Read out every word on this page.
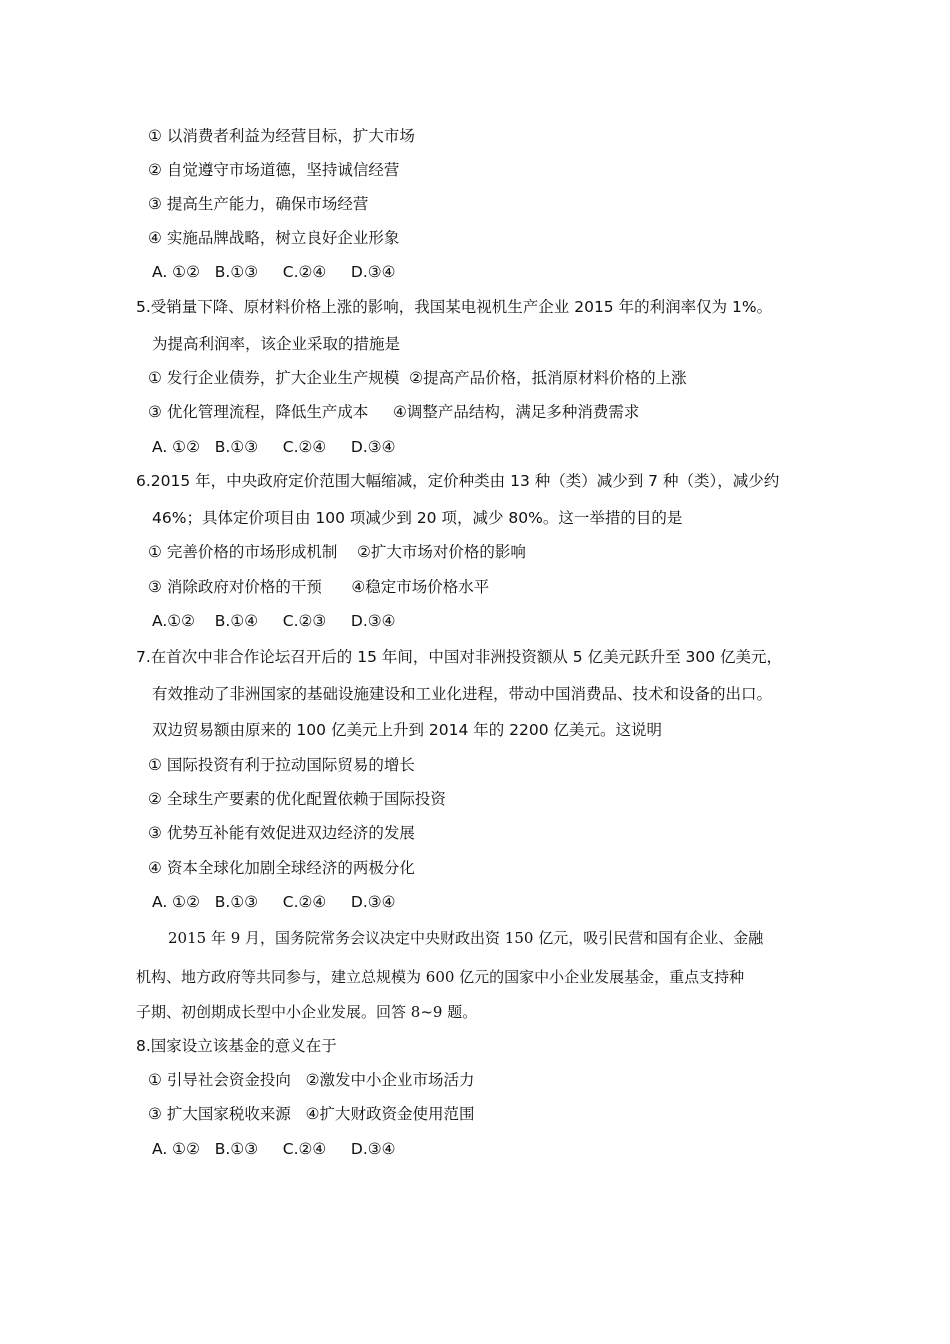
① 以消费者利益为经营目标，扩大市场
② 自觉遵守市场道德，坚持诚信经营
③ 提高生产能力，确保市场经营
④ 实施品牌战略，树立良好企业形象
A. ①②   B.①③     C.②④     D.③④
5.受销量下降、原材料价格上涨的影响，我国某电视机生产企业 2015 年的利润率仅为 1%。
为提高利润率，该企业采取的措施是
① 发行企业债券，扩大企业生产规模  ②提高产品价格，抵消原材料价格的上涨
③ 优化管理流程，降低生产成本     ④调整产品结构，满足多种消费需求
A. ①②   B.①③     C.②④     D.③④
6.2015 年，中央政府定价范围大幅缩减，定价种类由 13 种（类）减少到 7 种（类），减少约
46%；具体定价项目由 100 项减少到 20 项，减少 80%。这一举措的目的是
① 完善价格的市场形成机制    ②扩大市场对价格的影响
③ 消除政府对价格的干预      ④稳定市场价格水平
A.①②    B.①④     C.②③     D.③④
7.在首次中非合作论坛召开后的 15 年间，中国对非洲投资额从 5 亿美元跃升至 300 亿美元，
有效推动了非洲国家的基础设施建设和工业化进程，带动中国消费品、技术和设备的出口。
双边贸易额由原来的 100 亿美元上升到 2014 年的 2200 亿美元。这说明
① 国际投资有利于拉动国际贸易的增长
② 全球生产要素的优化配置依赖于国际投资
③ 优势互补能有效促进双边经济的发展
④ 资本全球化加剧全球经济的两极分化
A. ①②   B.①③     C.②④     D.③④
2015 年 9 月，国务院常务会议决定中央财政出资 150 亿元，吸引民营和国有企业、金融
机构、地方政府等共同参与，建立总规模为 600 亿元的国家中小企业发展基金，重点支持种
子期、初创期成长型中小企业发展。回答 8~9 题。
8.国家设立该基金的意义在于
① 引导社会资金投向   ②激发中小企业市场活力
③ 扩大国家税收来源   ④扩大财政资金使用范围
A. ①②   B.①③     C.②④     D.③④
